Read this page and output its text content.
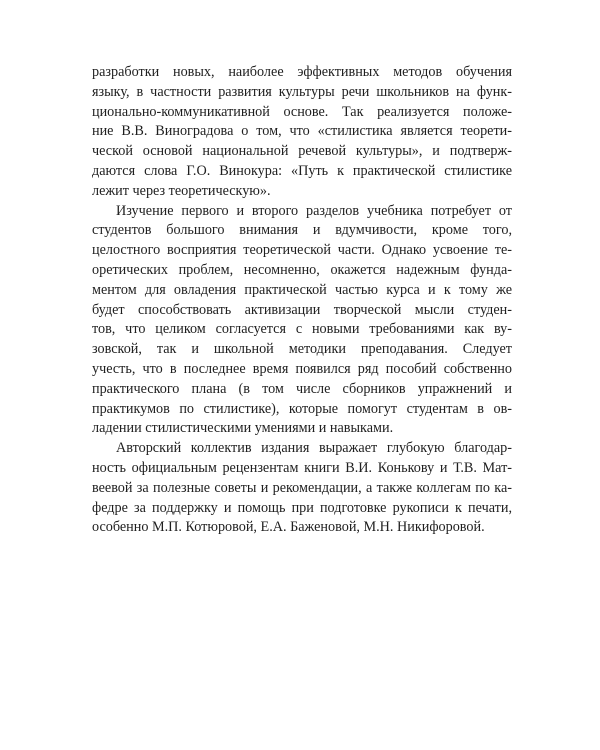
разработки новых, наиболее эффективных методов обучения
языку, в частности развития культуры речи школьников на функ-
ционально-коммуникативной основе. Так реализуется положе-
ние В.В. Виноградова о том, что «стилистика является теорети-
ческой основой национальной речевой культуры», и подтверж-
даются слова Г.О. Винокура: «Путь к практической стилистике
лежит через теоретическую».
Изучение первого и второго разделов учебника потребует от
студентов большого внимания и вдумчивости, кроме того,
целостного восприятия теоретической части. Однако усвоение те-
оретических проблем, несомненно, окажется надежным фунда-
ментом для овладения практической частью курса и к тому же
будет способствовать активизации творческой мысли студен-
тов, что целиком согласуется с новыми требованиями как ву-
зовской, так и школьной методики преподавания. Следует
учесть, что в последнее время появился ряд пособий собственно
практического плана (в том числе сборников упражнений и
практикумов по стилистике), которые помогут студентам в ов-
ладении стилистическими умениями и навыками.
Авторский коллектив издания выражает глубокую благодар-
ность официальным рецензентам книги В.И. Конькову и Т.В. Мат-
веевой за полезные советы и рекомендации, а также коллегам по ка-
федре за поддержку и помощь при подготовке рукописи к печати,
особенно М.П. Котюровой, Е.А. Баженовой, М.Н. Никифоровой.
